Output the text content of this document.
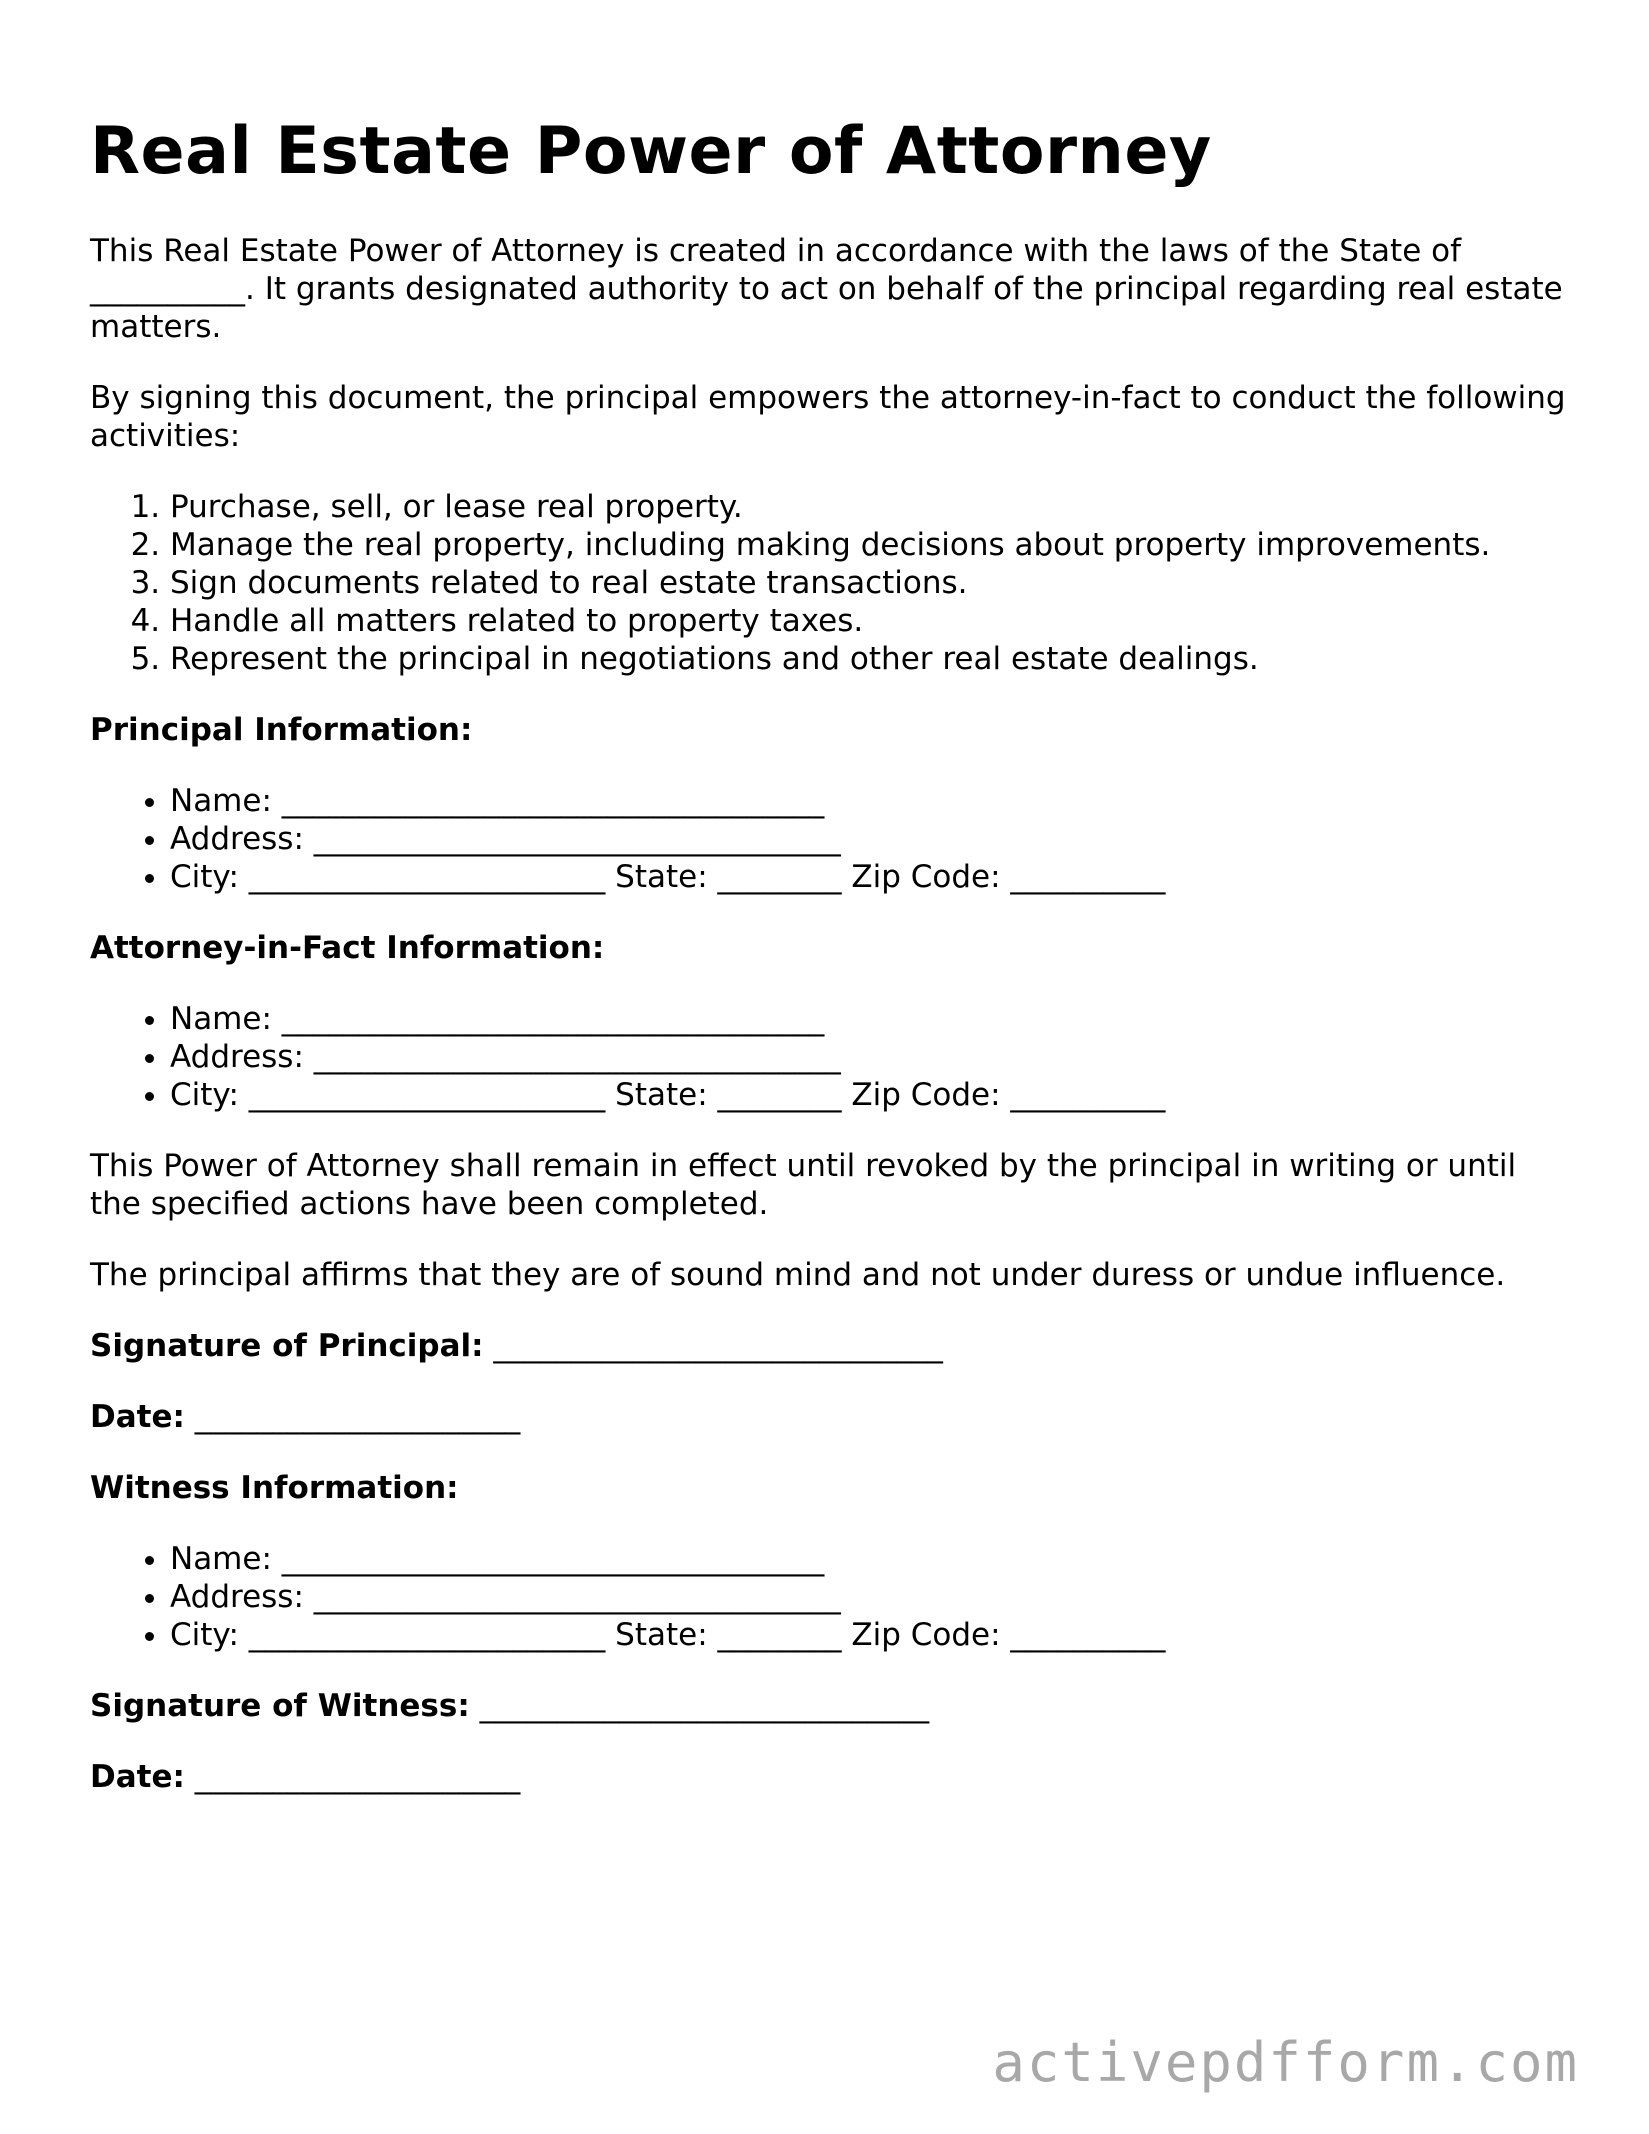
Real Estate Power of Attorney

This Real Estate Power of Attorney is created in accordance with the laws of the State of __________. It grants designated authority to act on behalf of the principal regarding real estate matters.

By signing this document, the principal empowers the attorney-in-fact to conduct the following activities:

1. Purchase, sell, or lease real property.
2. Manage the real property, including making decisions about property improvements.
3. Sign documents related to real estate transactions.
4. Handle all matters related to property taxes.
5. Represent the principal in negotiations and other real estate dealings.
Principal Information:
• Name: ___________________________________
• Address: __________________________________
• City: _______________________ State: ________ Zip Code: __________
Attorney-in-Fact Information:
• Name: ___________________________________
• Address: __________________________________
• City: _______________________ State: ________ Zip Code: __________

This Power of Attorney shall remain in effect until revoked by the principal in writing or until the specified actions have been completed.

The principal affirms that they are of sound mind and not under duress or undue influence.

Signature of Principal: _____________________________
Date: _____________________
Witness Information:
• Name: ___________________________________
• Address: __________________________________
• City: _______________________ State: ________ Zip Code: __________
Signature of Witness: _____________________________
Date: _____________________
activepdfform.com
